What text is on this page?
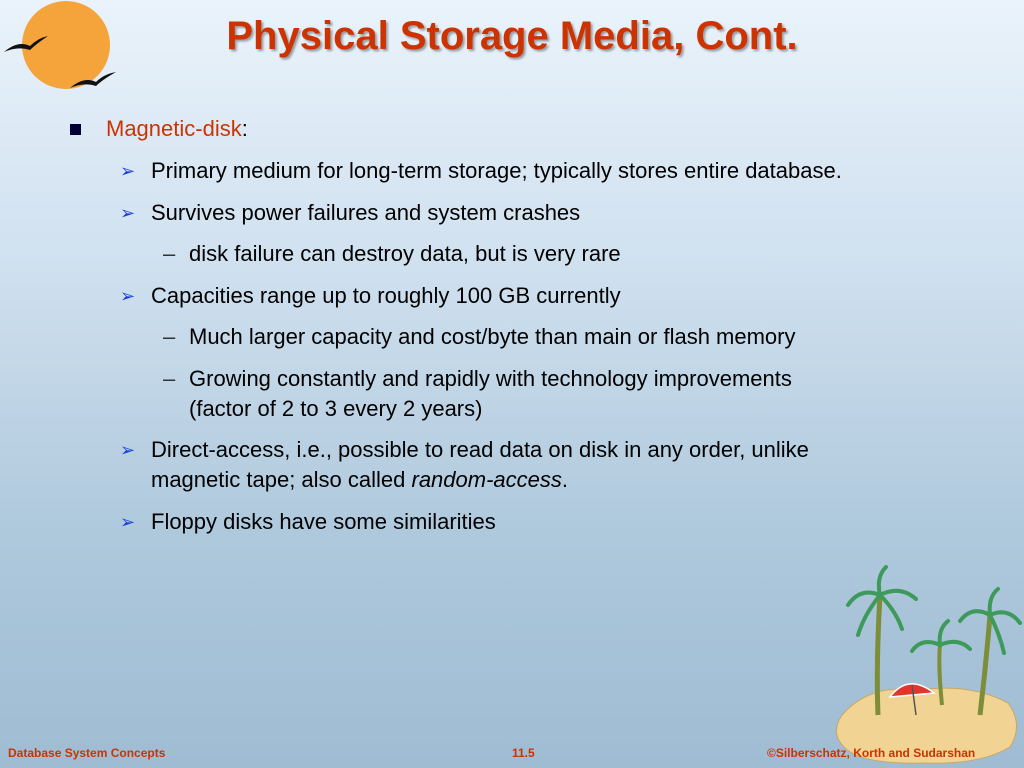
Physical Storage Media, Cont.
Magnetic-disk:
➢ Primary medium for long-term storage; typically stores entire database.
➢ Survives power failures and system crashes
– disk failure can destroy data, but is very rare
➢ Capacities range up to roughly 100 GB currently
– Much larger capacity and cost/byte than main or flash memory
– Growing constantly and rapidly with technology improvements
(factor of 2 to 3 every 2 years)
➢ Direct-access, i.e., possible to read data on disk in any order, unlike
magnetic tape; also called random-access.
➢ Floppy disks have some similarities
Database System Concepts	11.5	©Silberschatz, Korth and Sudarshan
